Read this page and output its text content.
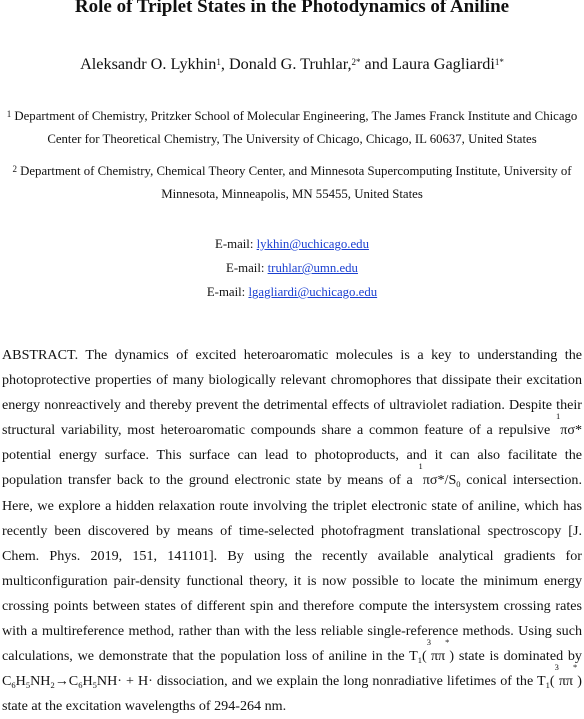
Role of Triplet States in the Photodynamics of Aniline
Aleksandr O. Lykhin$^1$, Donald G. Truhlar,$^{2*}$ and Laura Gagliardi$^{1*}$
$^1$ Department of Chemistry, Pritzker School of Molecular Engineering, The James Franck Institute and Chicago Center for Theoretical Chemistry, The University of Chicago, Chicago, IL 60637, United States
$^2$ Department of Chemistry, Chemical Theory Center, and Minnesota Supercomputing Institute, University of Minnesota, Minneapolis, MN 55455, United States
E-mail: lykhin@uchicago.edu
E-mail: truhlar@umn.edu
E-mail: lgagliardi@uchicago.edu

ABSTRACT. The dynamics of excited heteroaromatic molecules is a key to understanding the photoprotective properties of many biologically relevant chromophores that dissipate their excitation energy nonreactively and thereby prevent the detrimental effects of ultraviolet radiation. Despite their structural variability, most heteroaromatic compounds share a common feature of a repulsive $^1$πσ* potential energy surface. This surface can lead to photoproducts, and it can also facilitate the population transfer back to the ground electronic state by means of a $^1\pi\sigma*/S_0$ conical intersection. Here, we explore a hidden relaxation route involving the triplet electronic state of aniline, which has recently been discovered by means of time-selected photofragment translational spectroscopy [J. Chem. Phys. 2019, 151, 141101]. By using the recently available analytical gradients for multiconfiguration pair-density functional theory, it is now possible to locate the minimum energy crossing points between states of different spin and therefore compute the intersystem crossing rates with a multireference method, rather than with the less reliable single-reference methods. Using such calculations, we demonstrate that the population loss of aniline in the $T_1(^3\pi\pi^*)$ state is dominated by $C_6H_5NH_2\to C_6H_5NH\cdot + H\cdot$ dissociation, and we explain the long nonradiative lifetimes of the $T_1(^3\pi\pi^*)$ state at the excitation wavelengths of 294-264 nm.
